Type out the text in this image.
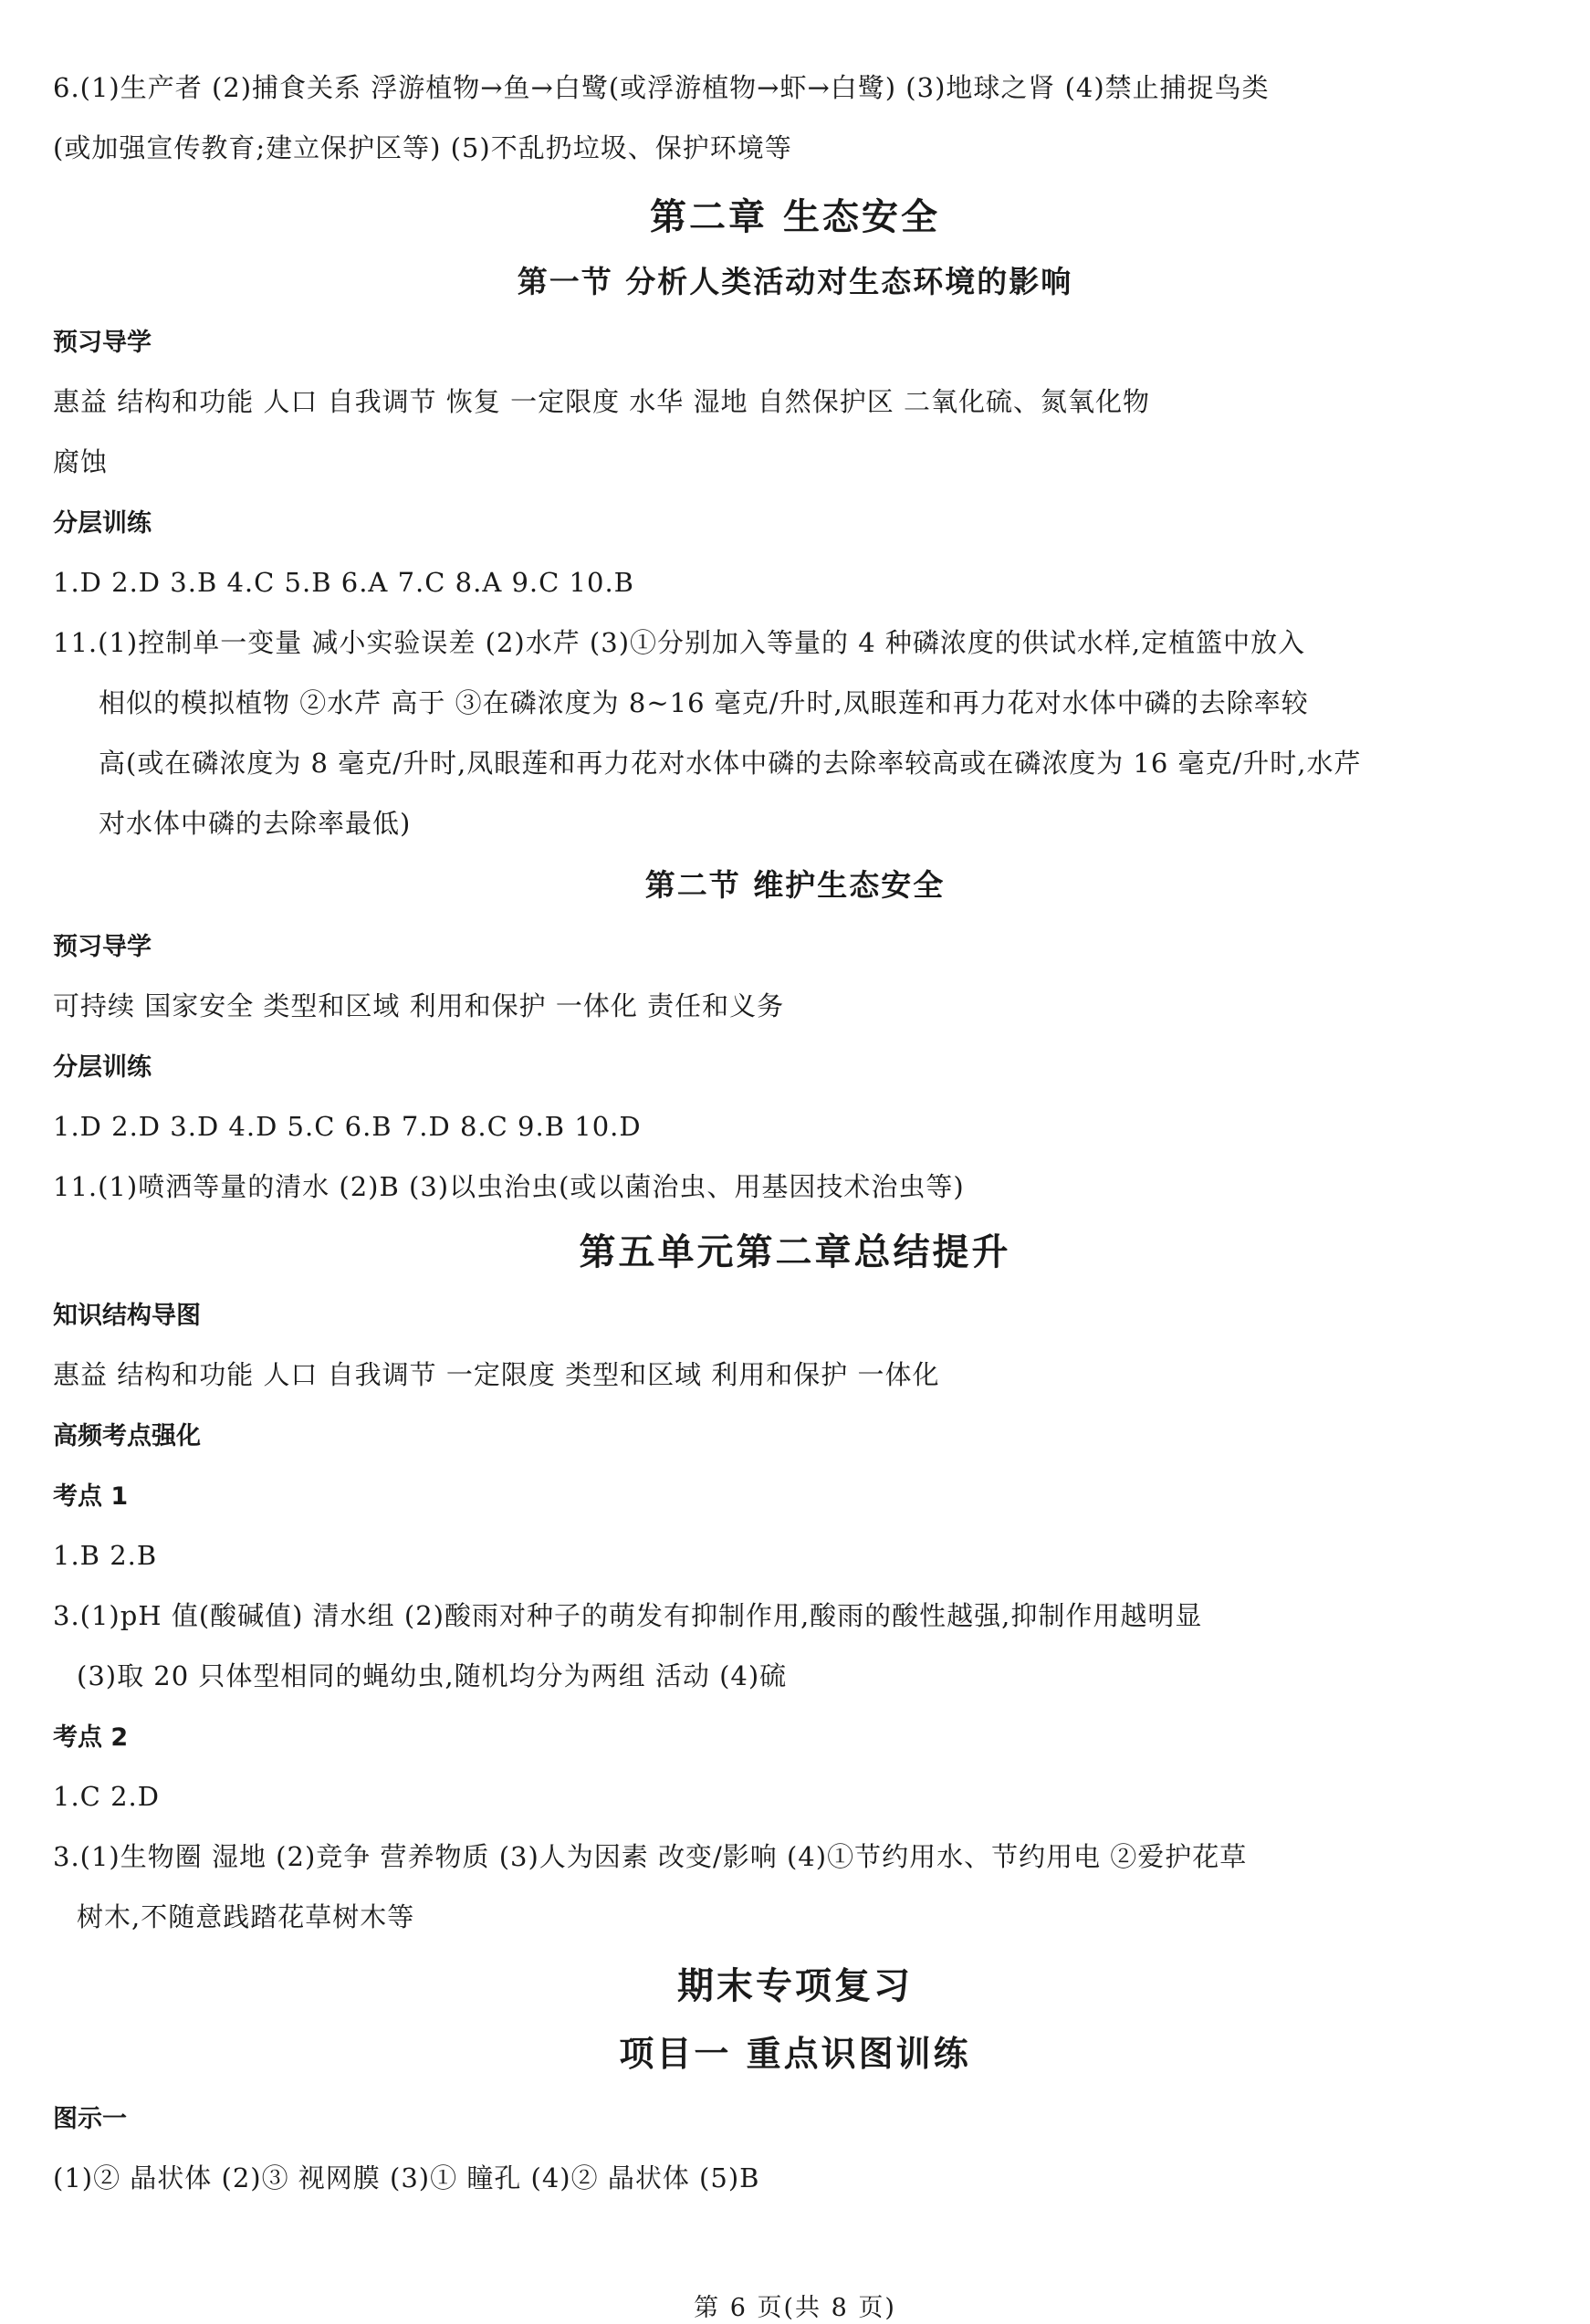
6.(1)生产者 (2)捕食关系 浮游植物→鱼→白鹭(或浮游植物→虾→白鹭) (3)地球之肾 (4)禁止捕捉鸟类

(或加强宣传教育;建立保护区等) (5)不乱扔垃圾、保护环境等

第二章 生态安全
第一节 分析人类活动对生态环境的影响

预习导学

惠益 结构和功能 人口 自我调节 恢复 一定限度 水华 湿地 自然保护区 二氧化硫、氮氧化物

腐蚀

分层训练

1.D 2.D 3.B 4.C 5.B 6.A 7.C 8.A 9.C 10.B

11.(1)控制单一变量 减小实验误差 (2)水芹 (3)①分别加入等量的 4 种磷浓度的供试水样,定植篮中放入

相似的模拟植物 ②水芹 高于 ③在磷浓度为 8~16 毫克/升时,凤眼莲和再力花对水体中磷的去除率较

高(或在磷浓度为 8 毫克/升时,凤眼莲和再力花对水体中磷的去除率较高或在磷浓度为 16 毫克/升时,水芹

对水体中磷的去除率最低)

第二节 维护生态安全

预习导学

可持续 国家安全 类型和区域 利用和保护 一体化 责任和义务

分层训练

1.D 2.D 3.D 4.D 5.C 6.B 7.D 8.C 9.B 10.D

11.(1)喷洒等量的清水 (2)B (3)以虫治虫(或以菌治虫、用基因技术治虫等)

第五单元第二章总结提升

知识结构导图

惠益 结构和功能 人口 自我调节 一定限度 类型和区域 利用和保护 一体化

高频考点强化

考点 1

1.B 2.B

3.(1)pH 值(酸碱值) 清水组 (2)酸雨对种子的萌发有抑制作用,酸雨的酸性越强,抑制作用越明显

(3)取 20 只体型相同的蝇幼虫,随机均分为两组 活动 (4)硫

考点 2

1.C 2.D

3.(1)生物圈 湿地 (2)竞争 营养物质 (3)人为因素 改变/影响 (4)①节约用水、节约用电 ②爱护花草

树木,不随意践踏花草树木等

期末专项复习
项目一 重点识图训练

图示一

(1)② 晶状体 (2)③ 视网膜 (3)① 瞳孔 (4)② 晶状体 (5)B

第 6 页(共 8 页)
